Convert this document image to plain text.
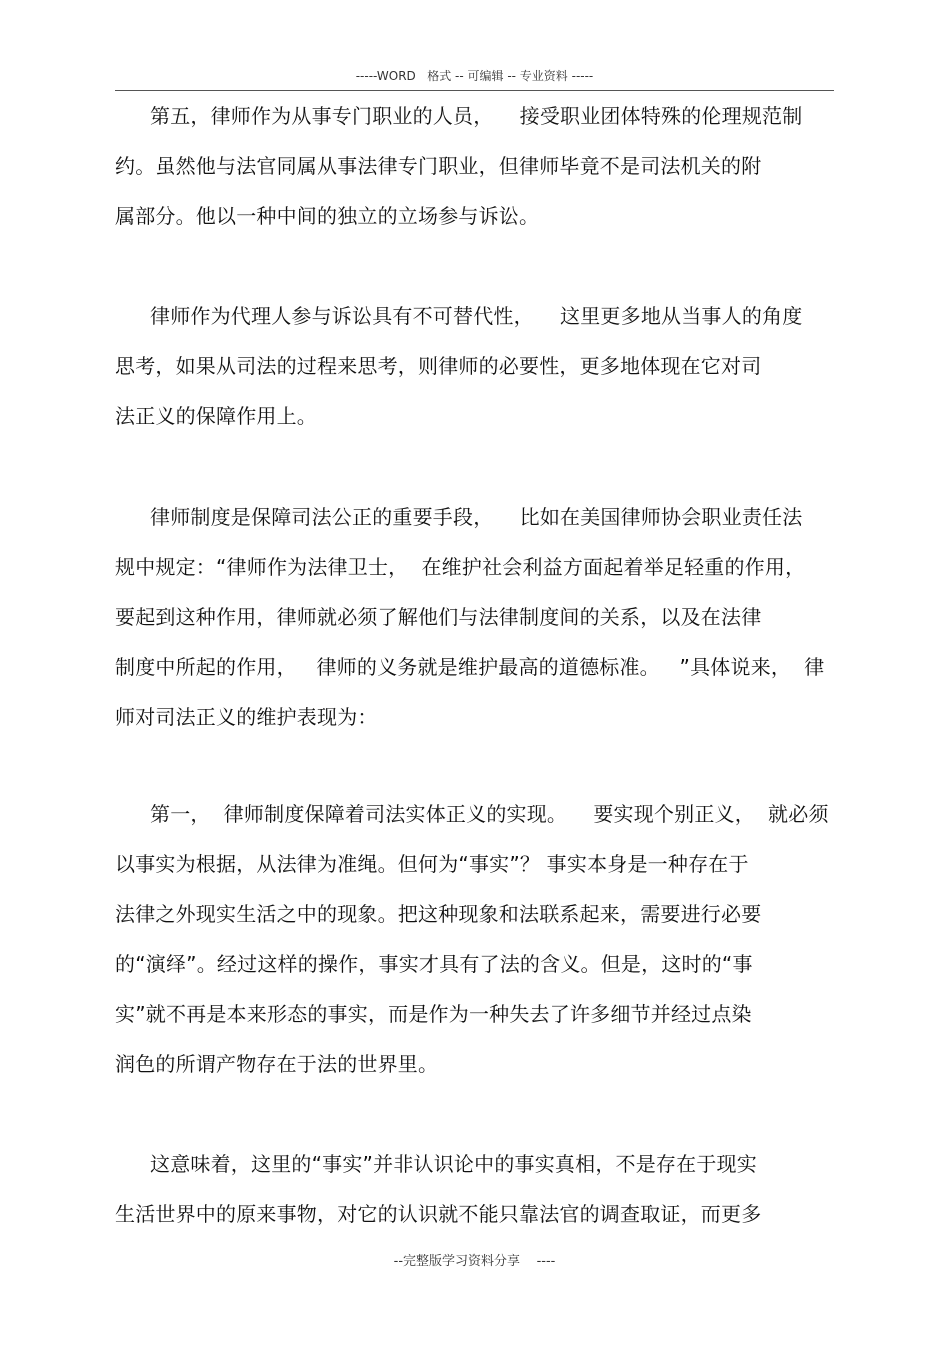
-----WORD   格式 -- 可编辑 -- 专业资料 -----
第五，律师作为从事专门职业的人员，    接受职业团体特殊的伦理规范制
约。虽然他与法官同属从事法律专门职业，但律师毕竟不是司法机关的附
属部分。他以一种中间的独立的立场参与诉讼。
律师作为代理人参与诉讼具有不可替代性，    这里更多地从当事人的角度
思考，如果从司法的过程来思考，则律师的必要性，更多地体现在它对司
法正义的保障作用上。
律师制度是保障司法公正的重要手段，    比如在美国律师协会职业责任法
规中规定：“律师作为法律卫士，  在维护社会利益方面起着举足轻重的作用，
要起到这种作用，律师就必须了解他们与法律制度间的关系，以及在法律
制度中所起的作用，   律师的义务就是维护最高的道德标准。   ”具体说来，  律
师对司法正义的维护表现为：
第一，  律师制度保障着司法实体正义的实现。    要实现个别正义，  就必须
以事实为根据，从法律为准绳。但何为“事实”？ 事实本身是一种存在于
法律之外现实生活之中的现象。把这种现象和法联系起来，需要进行必要
的“演绎”。经过这样的操作，事实才具有了法的含义。但是，这时的“事
实”就不再是本来形态的事实，而是作为一种失去了许多细节并经过点染
润色的所谓产物存在于法的世界里。
这意味着，这里的“事实”并非认识论中的事实真相，不是存在于现实
生活世界中的原来事物，对它的认识就不能只靠法官的调查取证，而更多
--完整版学习资料分享    ----
